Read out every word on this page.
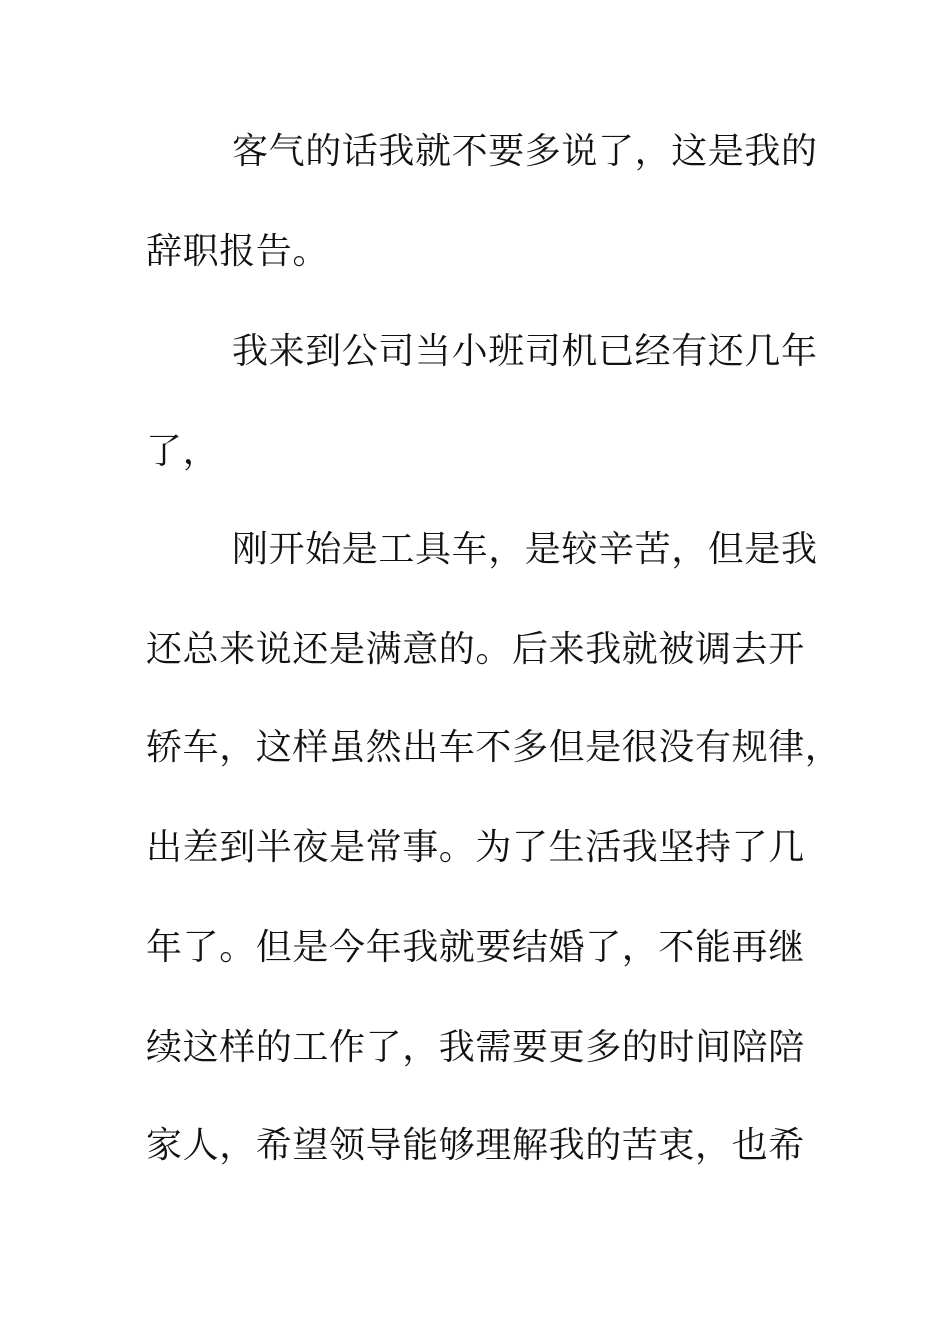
客气的话我就不要多说了，这是我的
辞职报告。
我来到公司当小班司机已经有还几年
了，
刚开始是工具车，是较辛苦，但是我
还总来说还是满意的。后来我就被调去开
轿车，这样虽然出车不多但是很没有规律，
出差到半夜是常事。为了生活我坚持了几
年了。但是今年我就要结婚了，不能再继
续这样的工作了，我需要更多的时间陪陪
家人，希望领导能够理解我的苦衷，也希
